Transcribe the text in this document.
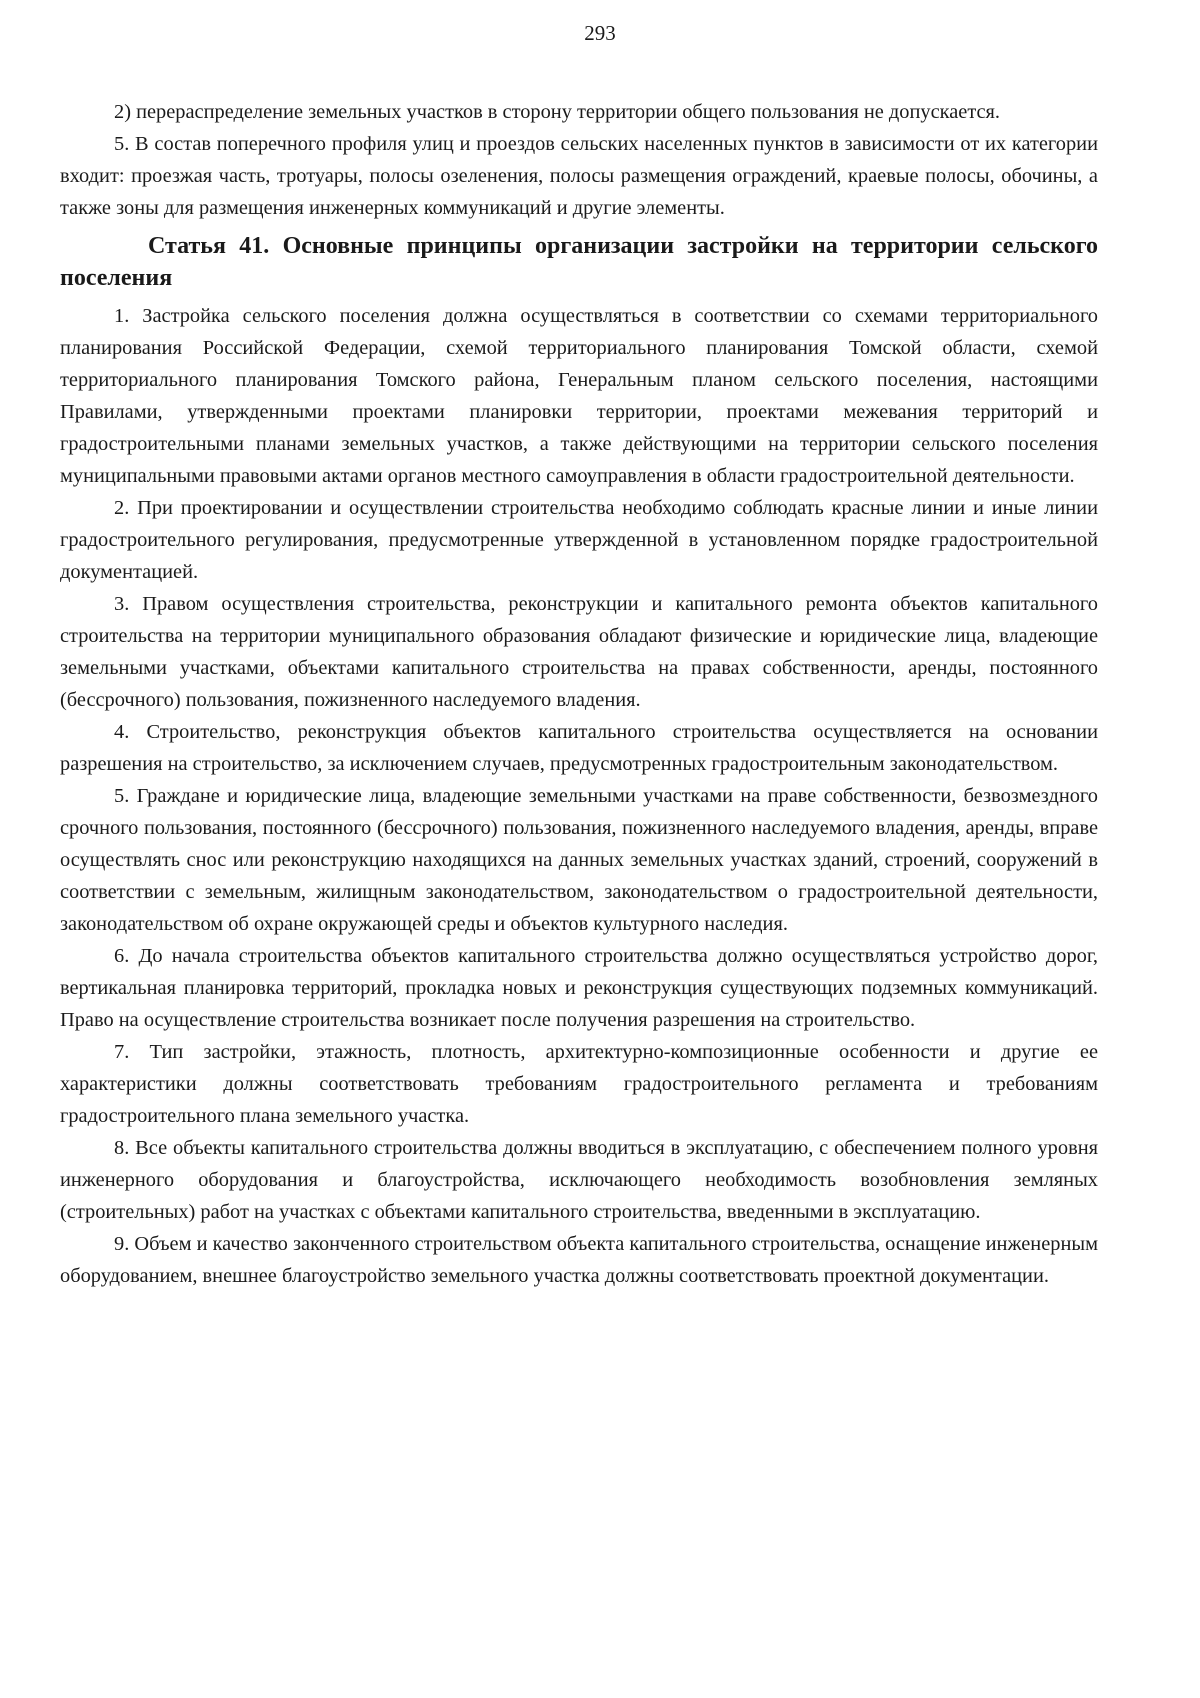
293

2) перераспределение земельных участков в сторону территории общего пользования не допускается.

5. В состав поперечного профиля улиц и проездов сельских населенных пунктов в зависимости от их категории входит: проезжая часть, тротуары, полосы озеленения, полосы размещения ограждений, краевые полосы, обочины, а также зоны для размещения инженерных коммуникаций и другие элементы.

Статья 41. Основные принципы организации застройки на территории сельского поселения

1. Застройка сельского поселения должна осуществляться в соответствии со схемами территориального планирования Российской Федерации, схемой территориального планирования Томской области, схемой территориального планирования Томского района, Генеральным планом сельского поселения, настоящими Правилами, утвержденными проектами планировки территории, проектами межевания территорий и градостроительными планами земельных участков, а также действующими на территории сельского поселения муниципальными правовыми актами органов местного самоуправления в области градостроительной деятельности.

2. При проектировании и осуществлении строительства необходимо соблюдать красные линии и иные линии градостроительного регулирования, предусмотренные утвержденной в установленном порядке градостроительной документацией.

3. Правом осуществления строительства, реконструкции и капитального ремонта объектов капитального строительства на территории муниципального образования обладают физические и юридические лица, владеющие земельными участками, объектами капитального строительства на правах собственности, аренды, постоянного (бессрочного) пользования, пожизненного наследуемого владения.

4. Строительство, реконструкция объектов капитального строительства осуществляется на основании разрешения на строительство, за исключением случаев, предусмотренных градостроительным законодательством.

5. Граждане и юридические лица, владеющие земельными участками на праве собственности, безвозмездного срочного пользования, постоянного (бессрочного) пользования, пожизненного наследуемого владения, аренды, вправе осуществлять снос или реконструкцию находящихся на данных земельных участках зданий, строений, сооружений в соответствии с земельным, жилищным законодательством, законодательством о градостроительной деятельности, законодательством об охране окружающей среды и объектов культурного наследия.

6. До начала строительства объектов капитального строительства должно осуществляться устройство дорог, вертикальная планировка территорий, прокладка новых и реконструкция существующих подземных коммуникаций. Право на осуществление строительства возникает после получения разрешения на строительство.

7. Тип застройки, этажность, плотность, архитектурно-композиционные особенности и другие ее характеристики должны соответствовать требованиям градостроительного регламента и требованиям градостроительного плана земельного участка.

8. Все объекты капитального строительства должны вводиться в эксплуатацию, с обеспечением полного уровня инженерного оборудования и благоустройства, исключающего необходимость возобновления земляных (строительных) работ на участках с объектами капитального строительства, введенными в эксплуатацию.

9. Объем и качество законченного строительством объекта капитального строительства, оснащение инженерным оборудованием, внешнее благоустройство земельного участка должны соответствовать проектной документации.
